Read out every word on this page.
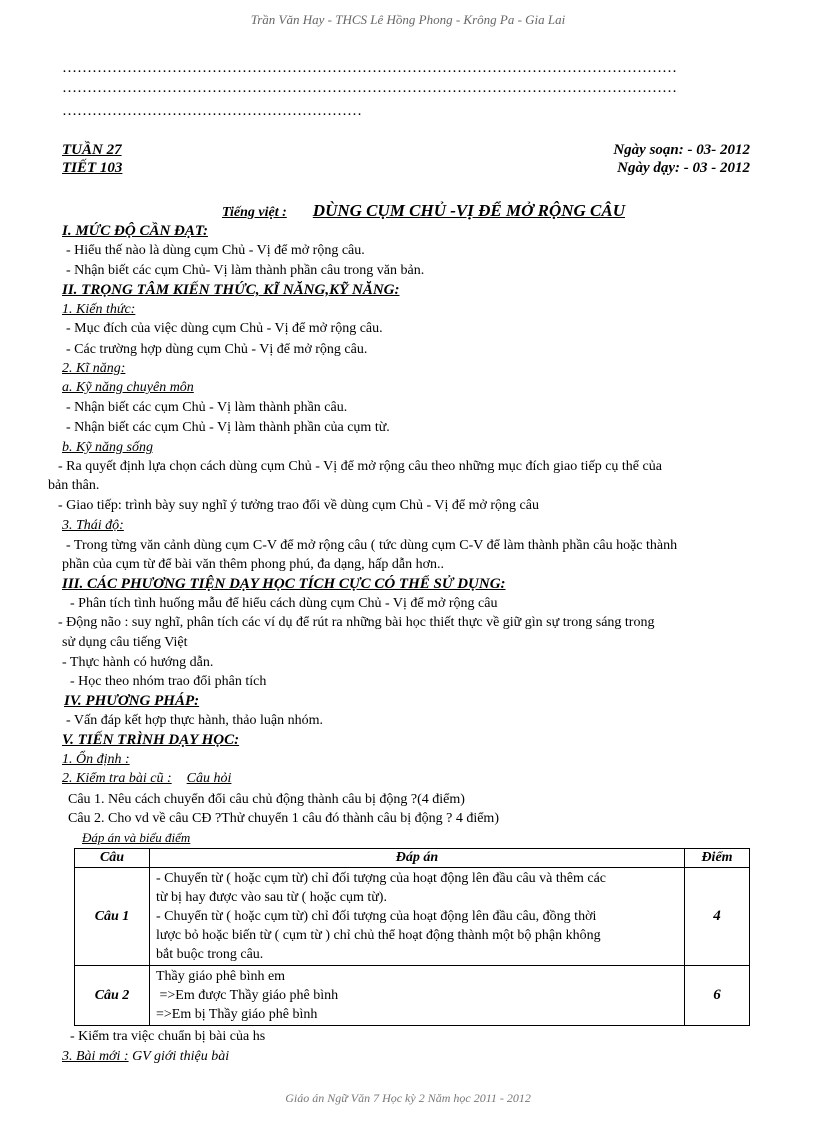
Trần Văn Hay - THCS Lê Hồng Phong - Krông Pa - Gia Lai
……………………………………………………………………………………………………………
……………………………………………………………………………………………………………
……………………………………………………
TUẦN 27
TIẾT 103
Ngày soạn: - 03- 2012
Ngày dạy: - 03 - 2012
Tiếng việt : DÙNG CỤM CHỦ -VỊ ĐỂ MỞ RỘNG CÂU
I. MỨC ĐỘ CẦN ĐẠT:
- Hiểu thế nào là dùng cụm Chủ - Vị để mở rộng câu.
- Nhận biết các cụm Chủ- Vị làm thành phần câu trong văn bản.
II. TRỌNG TÂM KIẾN THỨC, KĨ NĂNG,KỸ NĂNG:
1. Kiến thức:
- Mục đích của việc dùng cụm Chủ - Vị để mở rộng câu.
- Các trường hợp dùng cụm Chủ - Vị để mở rộng câu.
2. Kĩ năng:
a. Kỹ năng chuyên môn
- Nhận biết các cụm Chủ - Vị làm thành phần câu.
- Nhận biết các cụm Chủ - Vị làm thành phần của cụm từ.
b. Kỹ năng sống
- Ra quyết định lựa chọn cách dùng cụm Chủ - Vị để mở rộng câu theo những mục đích giao tiếp cụ thể của
bản thân.
- Giao tiếp: trình bày suy nghĩ ý tưởng trao đổi về dùng cụm Chủ - Vị để mở rộng câu
3. Thái độ:
- Trong từng văn cảnh dùng cụm C-V để mở rộng câu ( tức dùng cụm C-V để làm thành phần câu hoặc thành
phần của cụm từ để bài văn thêm phong phú, đa dạng, hấp dẫn hơn..
III. CÁC PHƯƠNG TIỆN DẠY HỌC TÍCH CỰC CÓ THỂ SỬ DỤNG:
- Phân tích tình huống mẫu để hiểu cách dùng cụm Chủ - Vị để mở rộng câu
- Động não : suy nghĩ, phân tích các ví dụ để rút ra những bài học thiết thực về giữ gìn sự trong sáng trong
sử dụng câu tiếng Việt
- Thực hành có hướng dẫn.
- Học theo nhóm trao đổi phân tích
IV. PHƯƠNG PHÁP:
- Vấn đáp kết hợp thực hành, thảo luận nhóm.
V. TIẾN TRÌNH DẠY HỌC:
1. Ổn định :
2. Kiểm tra bài cũ : Câu hỏi
Câu 1. Nêu cách chuyển đổi câu chủ động thành câu bị động ?(4 điểm)
Câu 2. Cho vd về câu CĐ ?Thử chuyển 1 câu đó thành câu bị động ? 4 điểm)
Đáp án và biểu điểm
Câu	Đáp án	Điểm
Câu 1	- Chuyển từ ( hoặc cụm từ) chỉ đối tượng của hoạt động lên đầu câu và thêm các
từ bị hay được vào sau từ ( hoặc cụm từ).
- Chuyển từ ( hoặc cụm từ) chỉ đối tượng của hoạt động lên đầu câu, đồng thời
lược bỏ hoặc biến từ ( cụm từ ) chỉ chủ thể hoạt động thành một bộ phận không
bắt buộc trong câu.	4
Câu 2	Thầy giáo phê bình em
=>Em được Thầy giáo phê bình
=>Em bị Thầy giáo phê bình	6
- Kiểm tra việc chuẩn bị bài của hs
3. Bài mới : GV giới thiệu bài
Giáo án Ngữ Văn 7 Học kỳ 2 Năm học 2011 - 2012
